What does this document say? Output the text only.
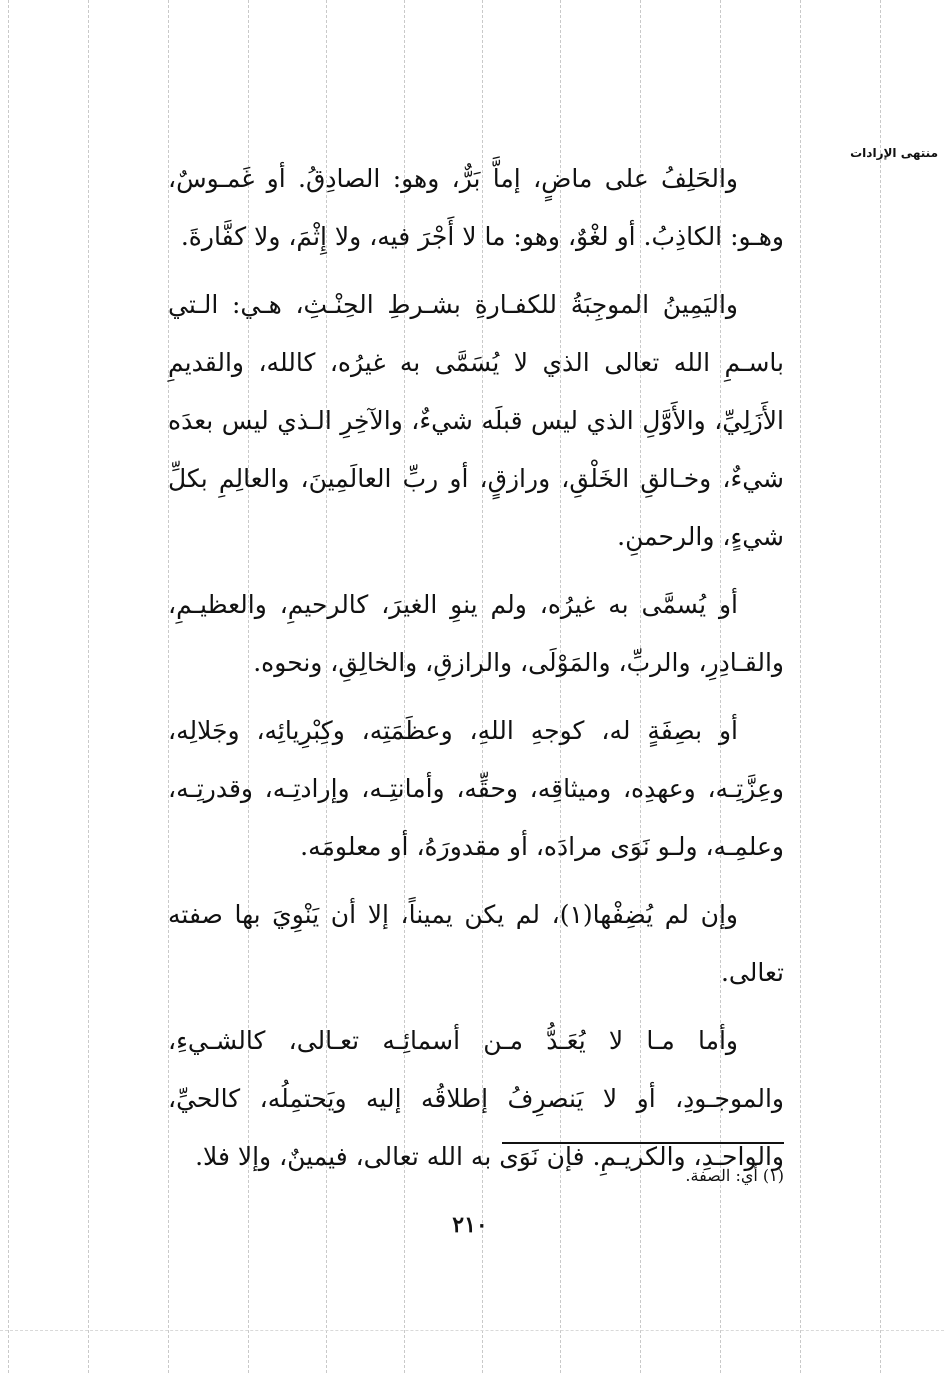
منتهى الإرادات

والحَلِفُ على ماضٍ، إماَّ بَرٌّ، وهو: الصادِقُ. أو غَمـوسٌ، وهـو: الكاذِبُ. أو لغْوٌ، وهو: ما لا أَجْرَ فيه، ولا إِثْمَ، ولا كفَّارةَ.

واليَمِينُ الموجِبَةُ للكفـارةِ بشـرطِ الحِنْـثِ، هـي: الـتي باسـمِ الله تعالى الذي لا يُسَمَّى به غيرُه، كالله، والقديمِ الأَزَلِيِّ، والأَوَّلِ الذي ليس قبلَه شيءٌ، والآخِرِ الـذي ليس بعدَه شيءٌ، وخـالقِ الخَلْقِ، ورازقٍ، أو ربِّ العالَمِينَ، والعالِمِ بكلِّ شيءٍ، والرحمنِ.

أو يُسمَّى به غيرُه، ولم ينوِ الغيرَ، كالرحيمِ، والعظيـمِ، والقـادِرِ، والربِّ، والمَوْلَى، والرازقِ، والخالِقِ، ونحوه.

أو بصِفَةٍ له، كوجهِ اللهِ، وعظَمَتِه، وكِبْرِيائِه، وجَلالِه، وعِزَّتِـه، وعهدِه، وميثاقِه، وحقِّه، وأمانتِـه، وإرادتِـه، وقدرتِـه، وعلمِـه، ولـو نَوَى مرادَه، أو مقدورَهُ، أو معلومَه.

وإن لم يُضِفْها(١)، لم يكن يميناً، إلا أن يَنْوِيَ بها صفته تعالى.

وأما مـا لا يُعَـدُّ مـن أسمائِـه تعـالى، كالشـيءِ، والموجـودِ، أو لا يَنصرِفُ إطلاقُه إليه ويَحتمِلُه، كالحيِّ، والواحـدِ، والكريـمِ. فإن نَوَى به الله تعالى، فيمينٌ، وإلا فلا.

(١) أي: الصفة.
٢١٠
